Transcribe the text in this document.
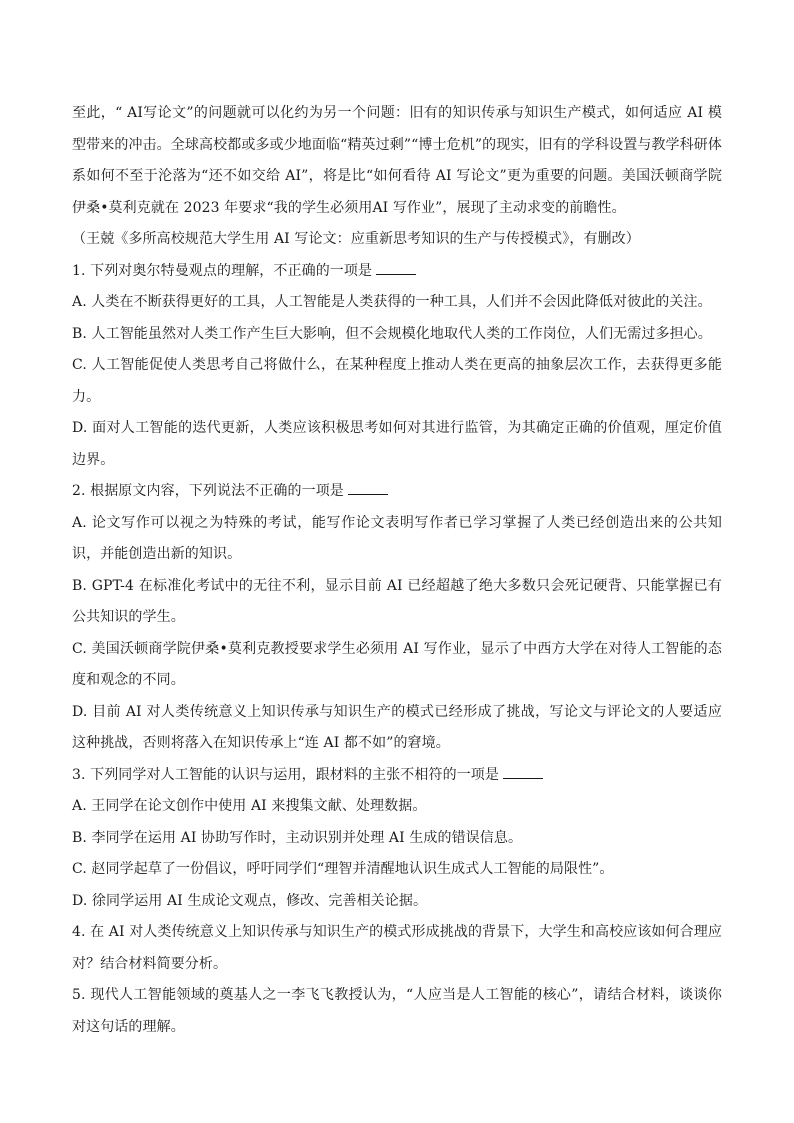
至此，“ AI写论文”的问题就可以化约为另一个问题：旧有的知识传承与知识生产模式，如何适应 AI 模型带来的冲击。全球高校都或多或少地面临“精英过剩”“博士危机”的现实，旧有的学科设置与教学科研体系如何不至于沦落为“还不如交给 AI”，将是比“如何看待 AI 写论文”更为重要的问题。美国沃顿商学院伊桑•莫利克就在 2023 年要求“我的学生必须用AI 写作业”，展现了主动求变的前瞻性。

（王兢《多所高校规范大学生用 AI 写论文：应重新思考知识的生产与传授模式》，有删改）

1. 下列对奥尔特曼观点的理解，不正确的一项是

A. 人类在不断获得更好的工具，人工智能是人类获得的一种工具，人们并不会因此降低对彼此的关注。

B. 人工智能虽然对人类工作产生巨大影响，但不会规模化地取代人类的工作岗位，人们无需过多担心。

C. 人工智能促使人类思考自己将做什么，在某种程度上推动人类在更高的抽象层次工作，去获得更多能力。

D. 面对人工智能的迭代更新，人类应该积极思考如何对其进行监管，为其确定正确的价值观，厘定价值边界。

2. 根据原文内容，下列说法不正确的一项是

A. 论文写作可以视之为特殊的考试，能写作论文表明写作者已学习掌握了人类已经创造出来的公共知识，并能创造出新的知识。

B. GPT-4 在标准化考试中的无往不利，显示目前 AI 已经超越了绝大多数只会死记硬背、只能掌握已有公共知识的学生。

C. 美国沃顿商学院伊桑•莫利克教授要求学生必须用 AI 写作业，显示了中西方大学在对待人工智能的态度和观念的不同。

D. 目前 AI 对人类传统意义上知识传承与知识生产的模式已经形成了挑战，写论文与评论文的人要适应这种挑战，否则将落入在知识传承上“连 AI 都不如”的窘境。

3. 下列同学对人工智能的认识与运用，跟材料的主张不相符的一项是

A. 王同学在论文创作中使用 AI 来搜集文献、处理数据。

B. 李同学在运用 AI 协助写作时，主动识别并处理 AI 生成的错误信息。

C. 赵同学起草了一份倡议，呼吁同学们“理智并清醒地认识生成式人工智能的局限性”。

D. 徐同学运用 AI 生成论文观点，修改、完善相关论据。

4. 在 AI 对人类传统意义上知识传承与知识生产的模式形成挑战的背景下，大学生和高校应该如何合理应对？结合材料简要分析。

5. 现代人工智能领域的奠基人之一李飞飞教授认为，“人应当是人工智能的核心”，请结合材料，谈谈你对这句话的理解。
